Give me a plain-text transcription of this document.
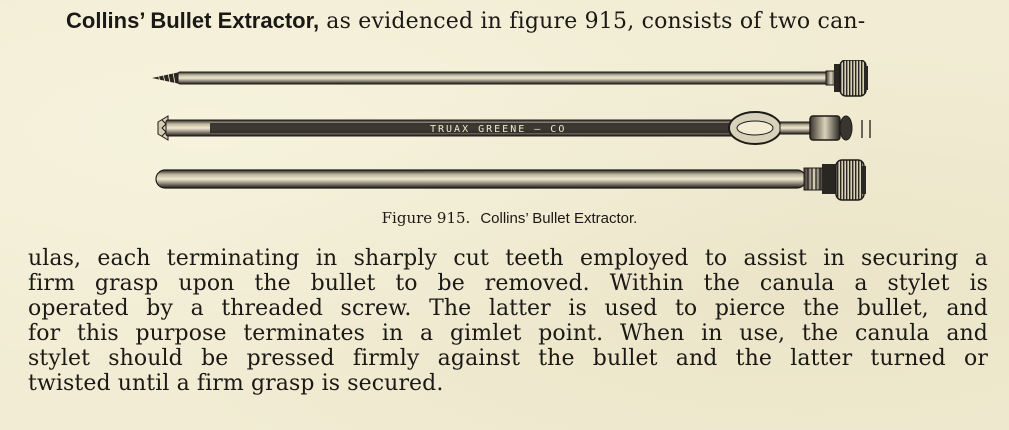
Collins’ Bullet Extractor, as evidenced in figure 915, consists of two can-
TRUAX GREENE — CO
Figure 915. Collins’ Bullet Extractor.
ulas, each terminating in sharply cut teeth employed to assist in securing a
firm grasp upon the bullet to be removed. Within the canula a stylet is
operated by a threaded screw. The latter is used to pierce the bullet, and
for this purpose terminates in a gimlet point. When in use, the canula and
stylet should be pressed firmly against the bullet and the latter turned or
twisted until a firm grasp is secured.
